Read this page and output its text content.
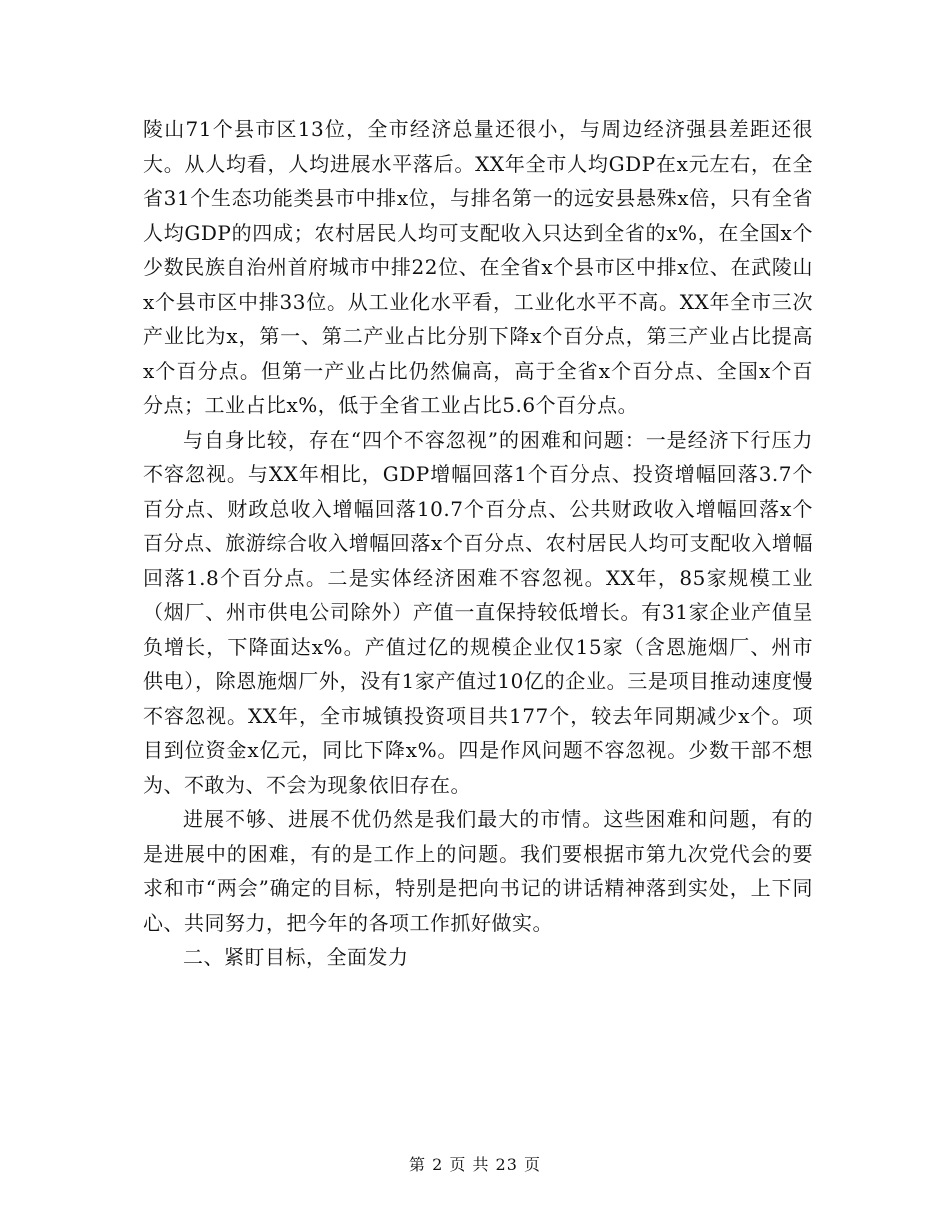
陵山71个县市区13位，全市经济总量还很小，与周边经济强县差距还很大。从人均看，人均进展水平落后。XX年全市人均GDP在x元左右，在全省31个生态功能类县市中排x位，与排名第一的远安县悬殊x倍，只有全省人均GDP的四成；农村居民人均可支配收入只达到全省的x%，在全国x个少数民族自治州首府城市中排22位、在全省x个县市区中排x位、在武陵山x个县市区中排33位。从工业化水平看，工业化水平不高。XX年全市三次产业比为x，第一、第二产业占比分别下降x个百分点，第三产业占比提高x个百分点。但第一产业占比仍然偏高，高于全省x个百分点、全国x个百分点；工业占比x%，低于全省工业占比5.6个百分点。

与自身比较，存在“四个不容忽视”的困难和问题：一是经济下行压力不容忽视。与XX年相比，GDP增幅回落1个百分点、投资增幅回落3.7个百分点、财政总收入增幅回落10.7个百分点、公共财政收入增幅回落x个百分点、旅游综合收入增幅回落x个百分点、农村居民人均可支配收入增幅回落1.8个百分点。二是实体经济困难不容忽视。XX年，85家规模工业（烟厂、州市供电公司除外）产值一直保持较低增长。有31家企业产值呈负增长，下降面达x%。产值过亿的规模企业仅15家（含恩施烟厂、州市供电），除恩施烟厂外，没有1家产值过10亿的企业。三是项目推动速度慢不容忽视。XX年，全市城镇投资项目共177个，较去年同期减少x个。项目到位资金x亿元，同比下降x%。四是作风问题不容忽视。少数干部不想为、不敢为、不会为现象依旧存在。

进展不够、进展不优仍然是我们最大的市情。这些困难和问题，有的是进展中的困难，有的是工作上的问题。我们要根据市第九次党代会的要求和市“两会”确定的目标，特别是把向书记的讲话精神落到实处，上下同心、共同努力，把今年的各项工作抓好做实。

二、紧盯目标，全面发力

第 2 页 共 23 页
